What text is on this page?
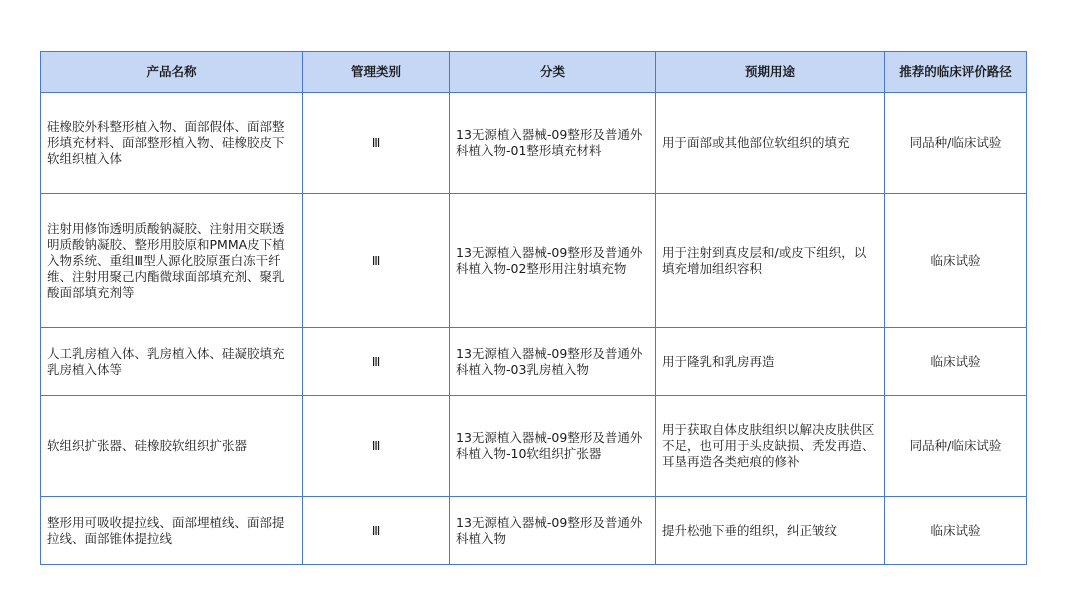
产品名称	管理类别	分类	预期用途	推荐的临床评价路径
硅橡胶外科整形植入物、面部假体、面部整形填充材料、面部整形植入物、硅橡胶皮下软组织植入体	Ⅲ	13无源植入器械-09整形及普通外科植入物-01整形填充材料	用于面部或其他部位软组织的填充	同品种/临床试验
注射用修饰透明质酸钠凝胶、注射用交联透明质酸钠凝胶、整形用胶原和PMMA皮下植入物系统、重组Ⅲ型人源化胶原蛋白冻干纤维、注射用聚己内酯微球面部填充剂、聚乳酸面部填充剂等	Ⅲ	13无源植入器械-09整形及普通外科植入物-02整形用注射填充物	用于注射到真皮层和/或皮下组织，以填充增加组织容积	临床试验
人工乳房植入体、乳房植入体、硅凝胶填充乳房植入体等	Ⅲ	13无源植入器械-09整形及普通外科植入物-03乳房植入物	用于隆乳和乳房再造	临床试验
软组织扩张器、硅橡胶软组织扩张器	Ⅲ	13无源植入器械-09整形及普通外科植入物-10软组织扩张器	用于获取自体皮肤组织以解决皮肤供区不足，也可用于头皮缺损、秃发再造、耳垦再造各类疤痕的修补	同品种/临床试验
整形用可吸收提拉线、面部埋植线、面部提拉线、面部锥体提拉线	Ⅲ	13无源植入器械-09整形及普通外科植入物	提升松弛下垂的组织，纠正皱纹	临床试验
